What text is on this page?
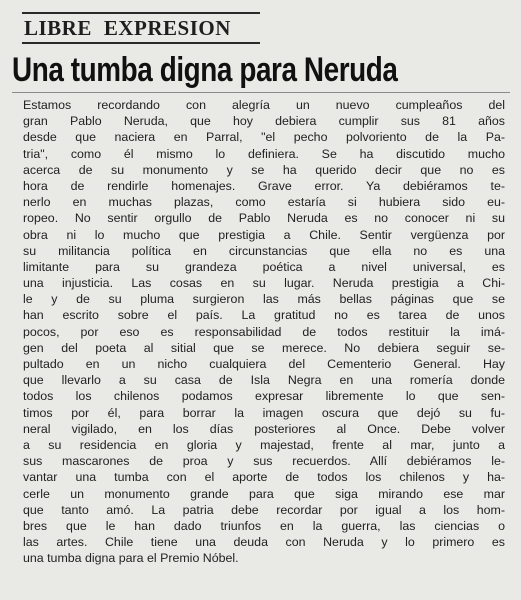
LIBRE EXPRESION
Una tumba digna para Neruda
Estamos recordando con alegría un nuevo cumpleaños del
gran Pablo Neruda, que hoy debiera cumplir sus 81 años
desde que naciera en Parral, "el pecho polvoriento de la Pa-
tria", como él mismo lo definiera. Se ha discutido mucho
acerca de su monumento y se ha querido decir que no es
hora de rendirle homenajes. Grave error. Ya debiéramos te-
nerlo en muchas plazas, como estaría si hubiera sido eu-
ropeo. No sentir orgullo de Pablo Neruda es no conocer ni su
obra ni lo mucho que prestigia a Chile. Sentir vergüenza por
su militancia política en circunstancias que ella no es una
limitante para su grandeza poética a nivel universal, es
una injusticia. Las cosas en su lugar. Neruda prestigia a Chi-
le y de su pluma surgieron las más bellas páginas que se
han escrito sobre el país. La gratitud no es tarea de unos
pocos, por eso es responsabilidad de todos restituir la imá-
gen del poeta al sitial que se merece. No debiera seguir se-
pultado en un nicho cualquiera del Cementerio General. Hay
que llevarlo a su casa de Isla Negra en una romería donde
todos los chilenos podamos expresar libremente lo que sen-
timos por él, para borrar la imagen oscura que dejó su fu-
neral vigilado, en los días posteriores al Once. Debe volver
a su residencia en gloria y majestad, frente al mar, junto a
sus mascarones de proa y sus recuerdos. Allí debiéramos le-
vantar una tumba con el aporte de todos los chilenos y ha-
cerle un monumento grande para que siga mirando ese mar
que tanto amó. La patria debe recordar por igual a los hom-
bres que le han dado triunfos en la guerra, las ciencias o
las artes. Chile tiene una deuda con Neruda y lo primero es
una tumba digna para el Premio Nóbel.
